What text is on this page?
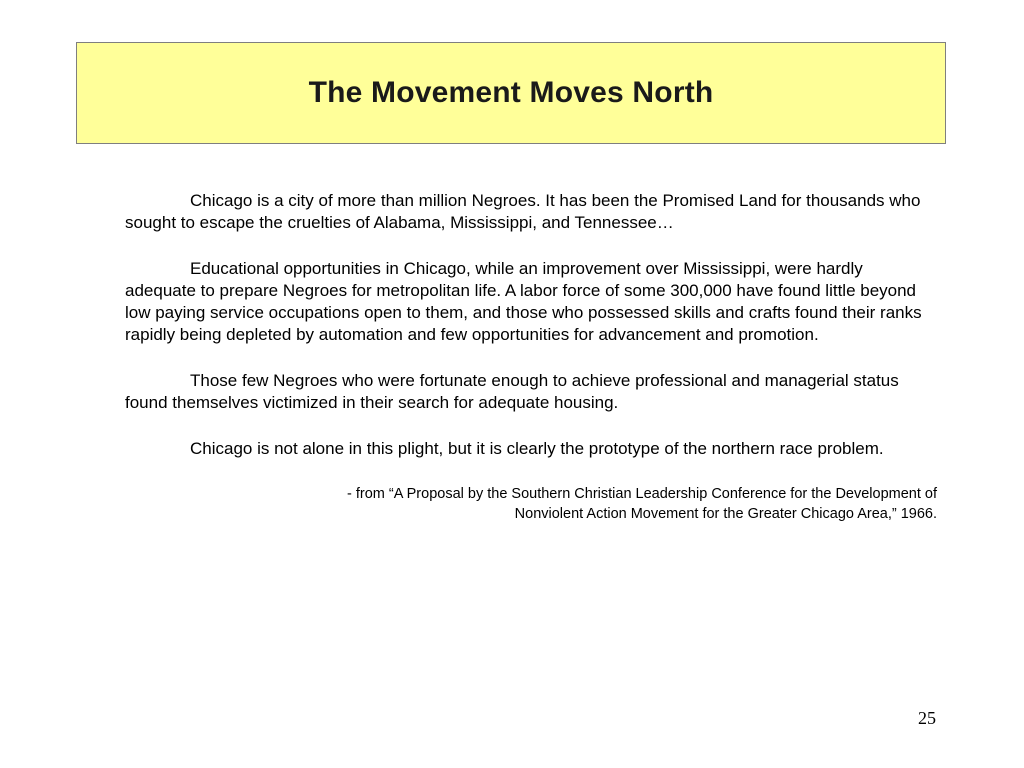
The Movement Moves North

Chicago is a city of more than million Negroes. It has been the Promised Land for thousands who sought to escape the cruelties of Alabama, Mississippi, and Tennessee…

Educational opportunities in Chicago, while an improvement over Mississippi, were hardly adequate to prepare Negroes for metropolitan life. A labor force of some 300,000 have found little beyond low paying service occupations open to them, and those who possessed skills and crafts found their ranks rapidly being depleted by automation and few opportunities for advancement and promotion.

Those few Negroes who were fortunate enough to achieve professional and managerial status found themselves victimized in their search for adequate housing.

Chicago is not alone in this plight, but it is clearly the prototype of the northern race problem.

- from “A Proposal by the Southern Christian Leadership Conference for the Development of
Nonviolent Action Movement for the Greater Chicago Area,” 1966.
25
